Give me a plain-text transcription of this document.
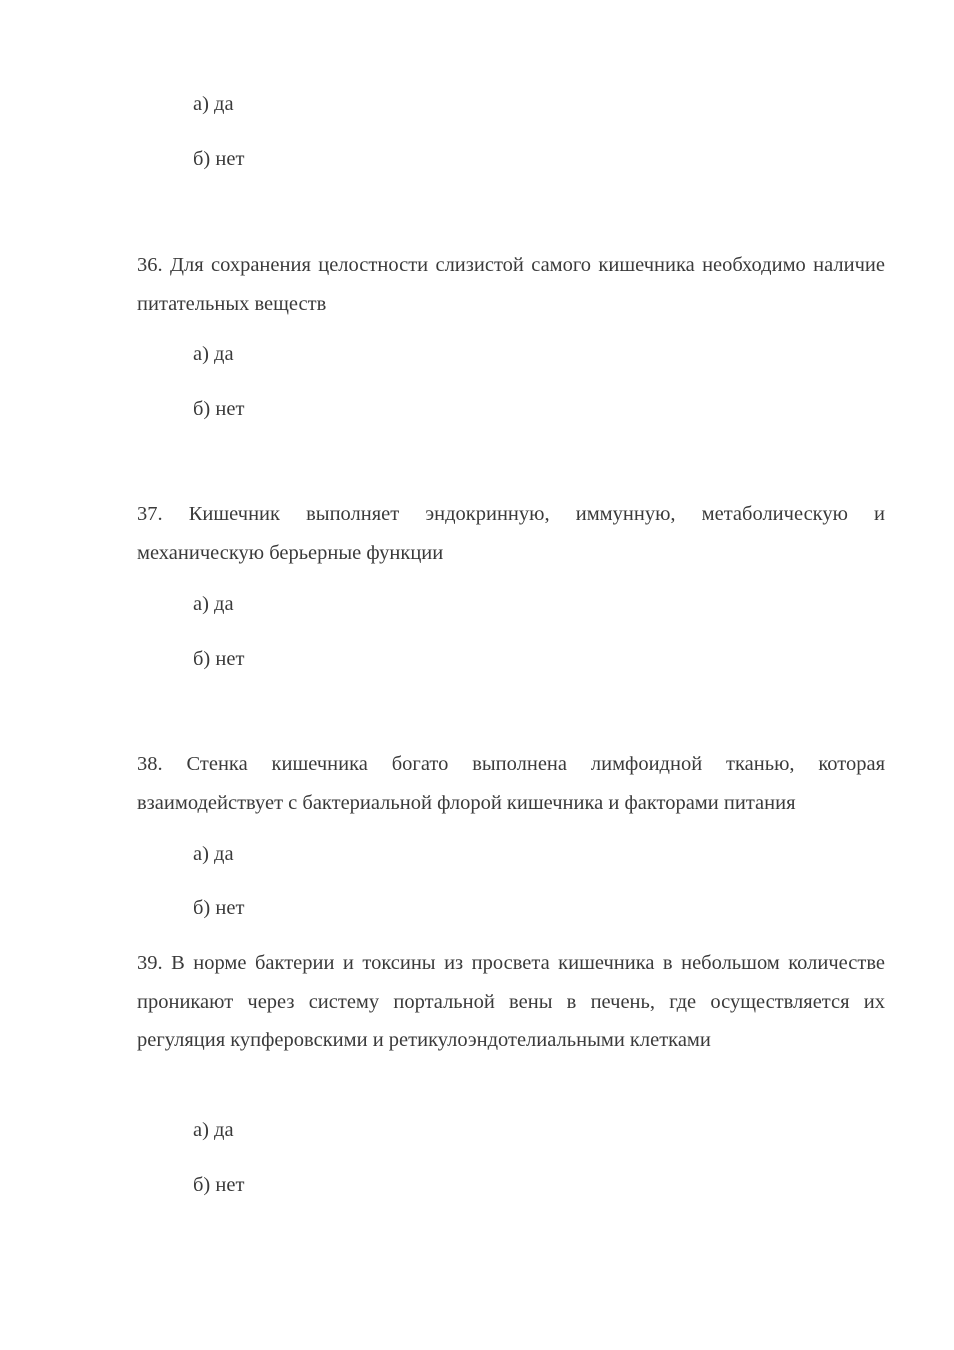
а) да

б) нет

36. Для сохранения целостности слизистой самого кишечника необходимо наличие питательных веществ

а) да

б) нет

37. Кишечник выполняет эндокринную, иммунную, метаболическую и механическую берьерные функции

а) да

б) нет

38. Стенка кишечника богато выполнена лимфоидной тканью, которая взаимодействует с бактериальной флорой кишечника и факторами питания

а) да

б) нет

39. В норме бактерии и токсины из просвета кишечника в небольшом количестве проникают через систему портальной вены в печень, где осуществляется их регуляция купферовскими и ретикулоэндотелиальными клетками

а) да

б) нет
